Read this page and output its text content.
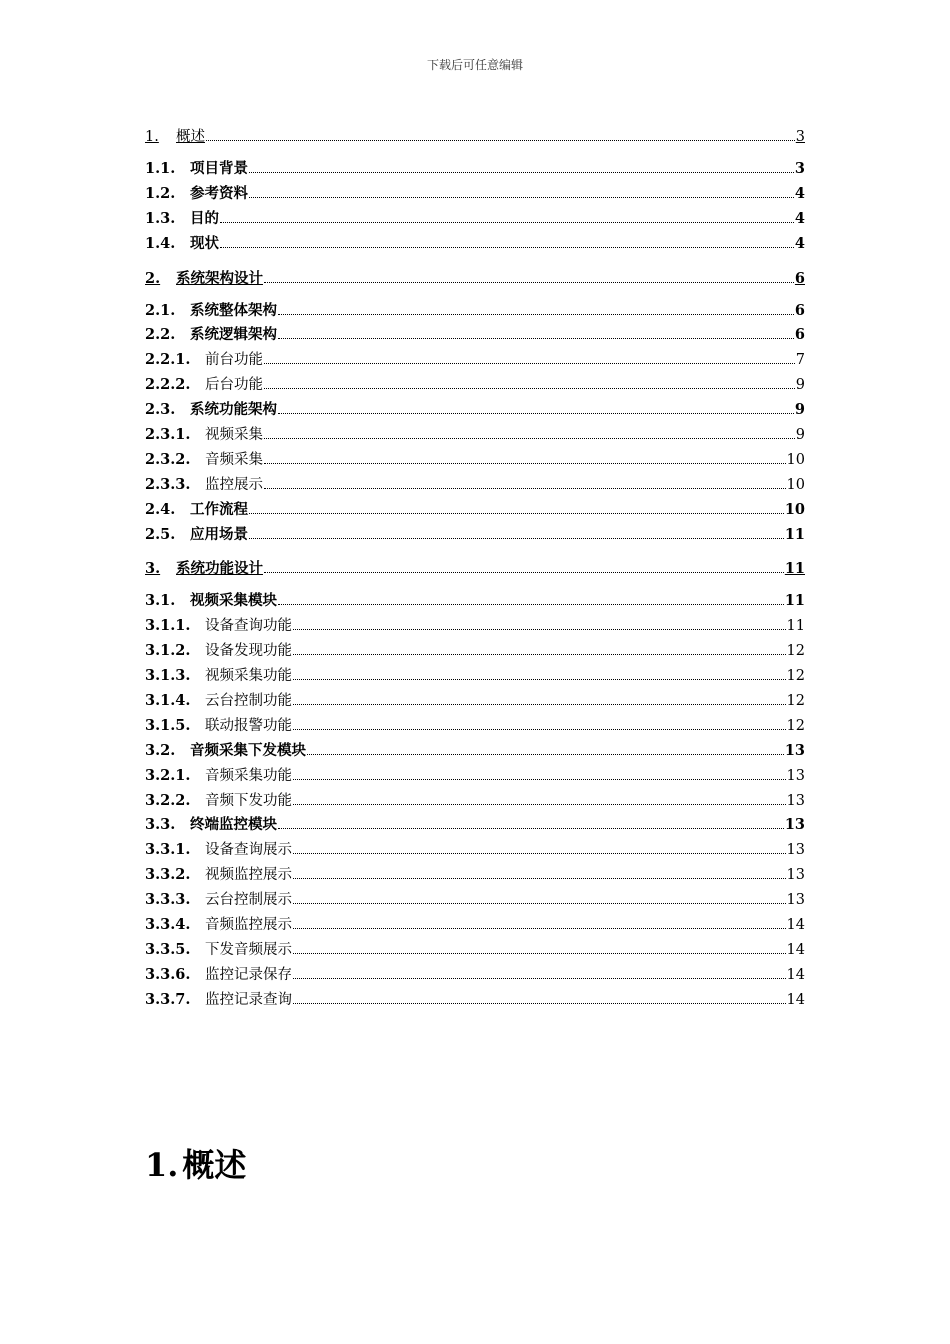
下载后可任意编辑
1.	概述	3
1.1.	项目背景	3
1.2.	参考资料	4
1.3.	目的	4
1.4.	现状	4
2.	系统架构设计	6
2.1.	系统整体架构	6
2.2.	系统逻辑架构	6
2.2.1.	前台功能	7
2.2.2.	后台功能	9
2.3.	系统功能架构	9
2.3.1.	视频采集	9
2.3.2.	音频采集	10
2.3.3.	监控展示	10
2.4.	工作流程	10
2.5.	应用场景	11
3.	系统功能设计	11
3.1.	视频采集模块	11
3.1.1.	设备查询功能	11
3.1.2.	设备发现功能	12
3.1.3.	视频采集功能	12
3.1.4.	云台控制功能	12
3.1.5.	联动报警功能	12
3.2.	音频采集下发模块	13
3.2.1.	音频采集功能	13
3.2.2.	音频下发功能	13
3.3.	终端监控模块	13
3.3.1.	设备查询展示	13
3.3.2.	视频监控展示	13
3.3.3.	云台控制展示	13
3.3.4.	音频监控展示	14
3.3.5.	下发音频展示	14
3.3.6.	监控记录保存	14
3.3.7.	监控记录查询	14
1. 概述
